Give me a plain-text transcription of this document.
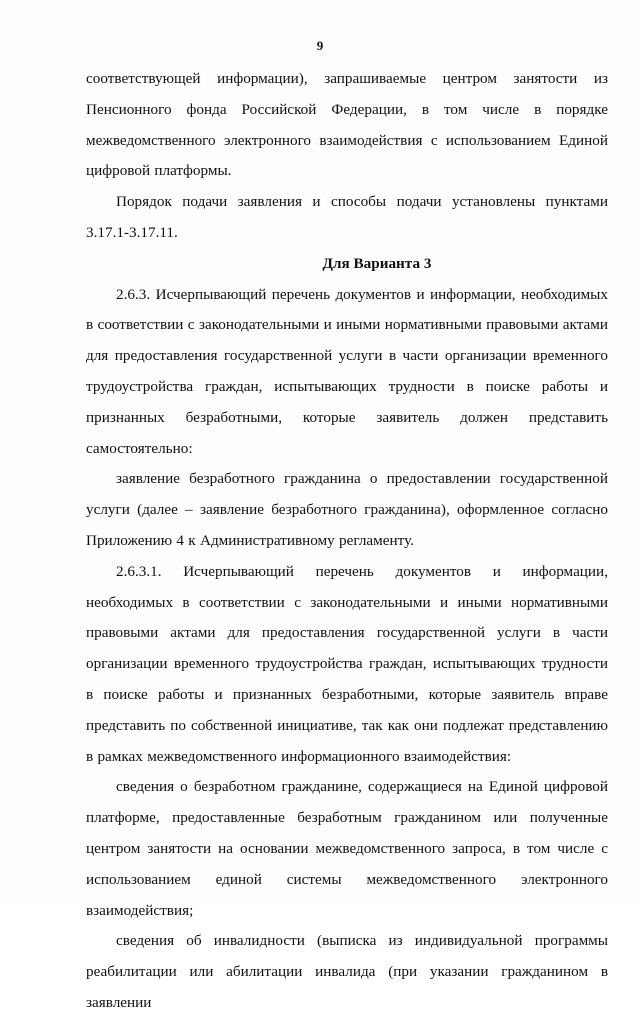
9

соответствующей информации), запрашиваемые центром занятости из Пенсионного фонда Российской Федерации, в том числе в порядке межведомственного электронного взаимодействия с использованием Единой цифровой платформы.

Порядок подачи заявления и способы подачи установлены пунктами 3.17.1-3.17.11.

Для Варианта 3

2.6.3. Исчерпывающий перечень документов и информации, необходимых в соответствии с законодательными и иными нормативными правовыми актами для предоставления государственной услуги в части организации временного трудоустройства граждан, испытывающих трудности в поиске работы и признанных безработными, которые заявитель должен представить самостоятельно:

заявление безработного гражданина о предоставлении государственной услуги (далее – заявление безработного гражданина), оформленное согласно Приложению 4 к Административному регламенту.

2.6.3.1. Исчерпывающий перечень документов и информации, необходимых в соответствии с законодательными и иными нормативными правовыми актами для предоставления государственной услуги в части организации временного трудоустройства граждан, испытывающих трудности в поиске работы и признанных безработными, которые заявитель вправе представить по собственной инициативе, так как они подлежат представлению в рамках межведомственного информационного взаимодействия:

сведения о безработном гражданине, содержащиеся на Единой цифровой платформе, предоставленные безработным гражданином или полученные центром занятости на основании межведомственного запроса, в том числе с использованием единой системы межведомственного электронного взаимодействия;

сведения об инвалидности (выписка из индивидуальной программы реабилитации или абилитации инвалида (при указании гражданином в заявлении
